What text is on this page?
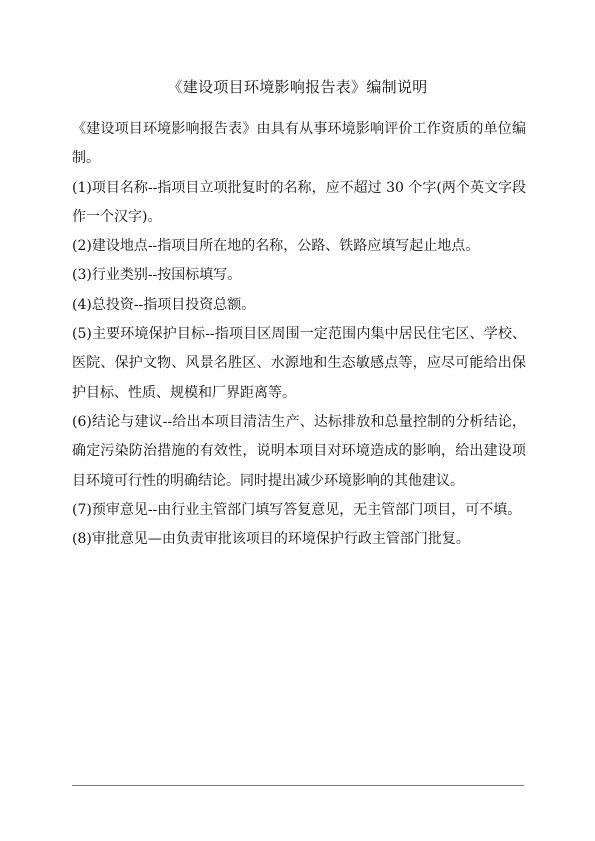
《建设项目环境影响报告表》编制说明

《建设项目环境影响报告表》由具有从事环境影响评价工作资质的单位编制。

(1)项目名称--指项目立项批复时的名称，应不超过 30 个字(两个英文字段作一个汉字)。

(2)建设地点--指项目所在地的名称，公路、铁路应填写起止地点。

(3)行业类别--按国标填写。

(4)总投资--指项目投资总额。

(5)主要环境保护目标--指项目区周围一定范围内集中居民住宅区、学校、医院、保护文物、风景名胜区、水源地和生态敏感点等，应尽可能给出保护目标、性质、规模和厂界距离等。

(6)结论与建议--给出本项目清洁生产、达标排放和总量控制的分析结论，确定污染防治措施的有效性，说明本项目对环境造成的影响，给出建设项目环境可行性的明确结论。同时提出减少环境影响的其他建议。

(7)预审意见--由行业主管部门填写答复意见，无主管部门项目，可不填。

(8)审批意见—由负责审批该项目的环境保护行政主管部门批复。
